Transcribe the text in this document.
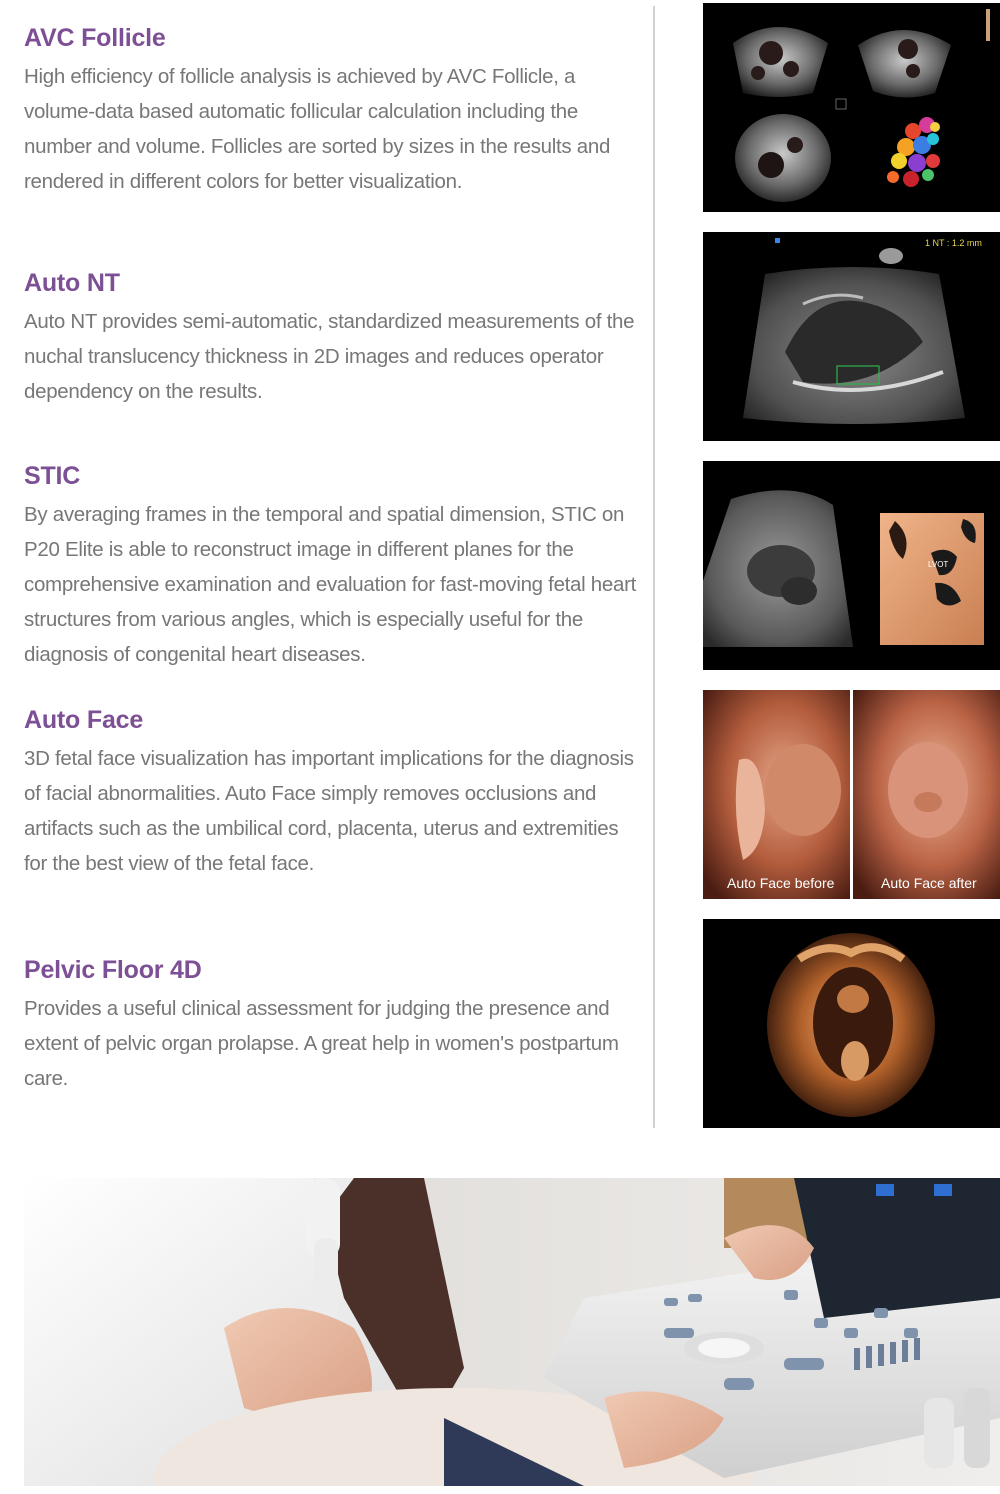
AVC Follicle

High efficiency of follicle analysis is achieved by AVC Follicle, a volume-data based automatic follicular calculation including the number and volume. Follicles are sorted by sizes in the results and rendered in different colors for better visualization.

Auto NT

Auto NT provides semi-automatic, standardized measurements of the nuchal translucency thickness in 2D images and reduces operator dependency on the results.

STIC

By averaging frames in the temporal and spatial dimension, STIC on P20 Elite is able to reconstruct image in different planes for the comprehensive examination and evaluation for fast-moving fetal heart structures from various angles, which is especially useful for the diagnosis of congenital heart diseases.

Auto Face

3D fetal face visualization has important implications for the diagnosis of facial abnormalities. Auto Face simply removes occlusions and artifacts such as the umbilical cord, placenta, uterus and extremities for the best view of the fetal face.

Pelvic Floor 4D

Provides a useful clinical assessment for judging the presence and extent of pelvic organ prolapse. A great help in women's postpartum care.

1 NT : 1.2 mm
LVOT
Auto Face before	Auto Face after
